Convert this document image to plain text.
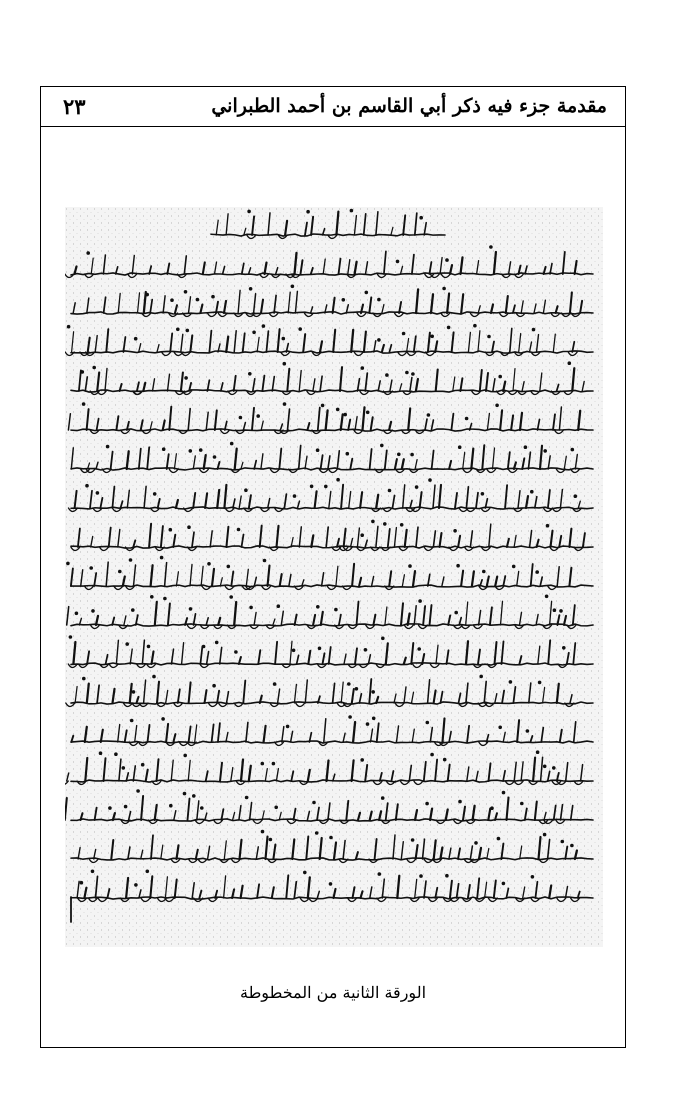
٢٣	مقدمة جزء فيه ذكر أبي القاسم بن أحمد الطبراني
الورقة الثانية من المخطوطة
